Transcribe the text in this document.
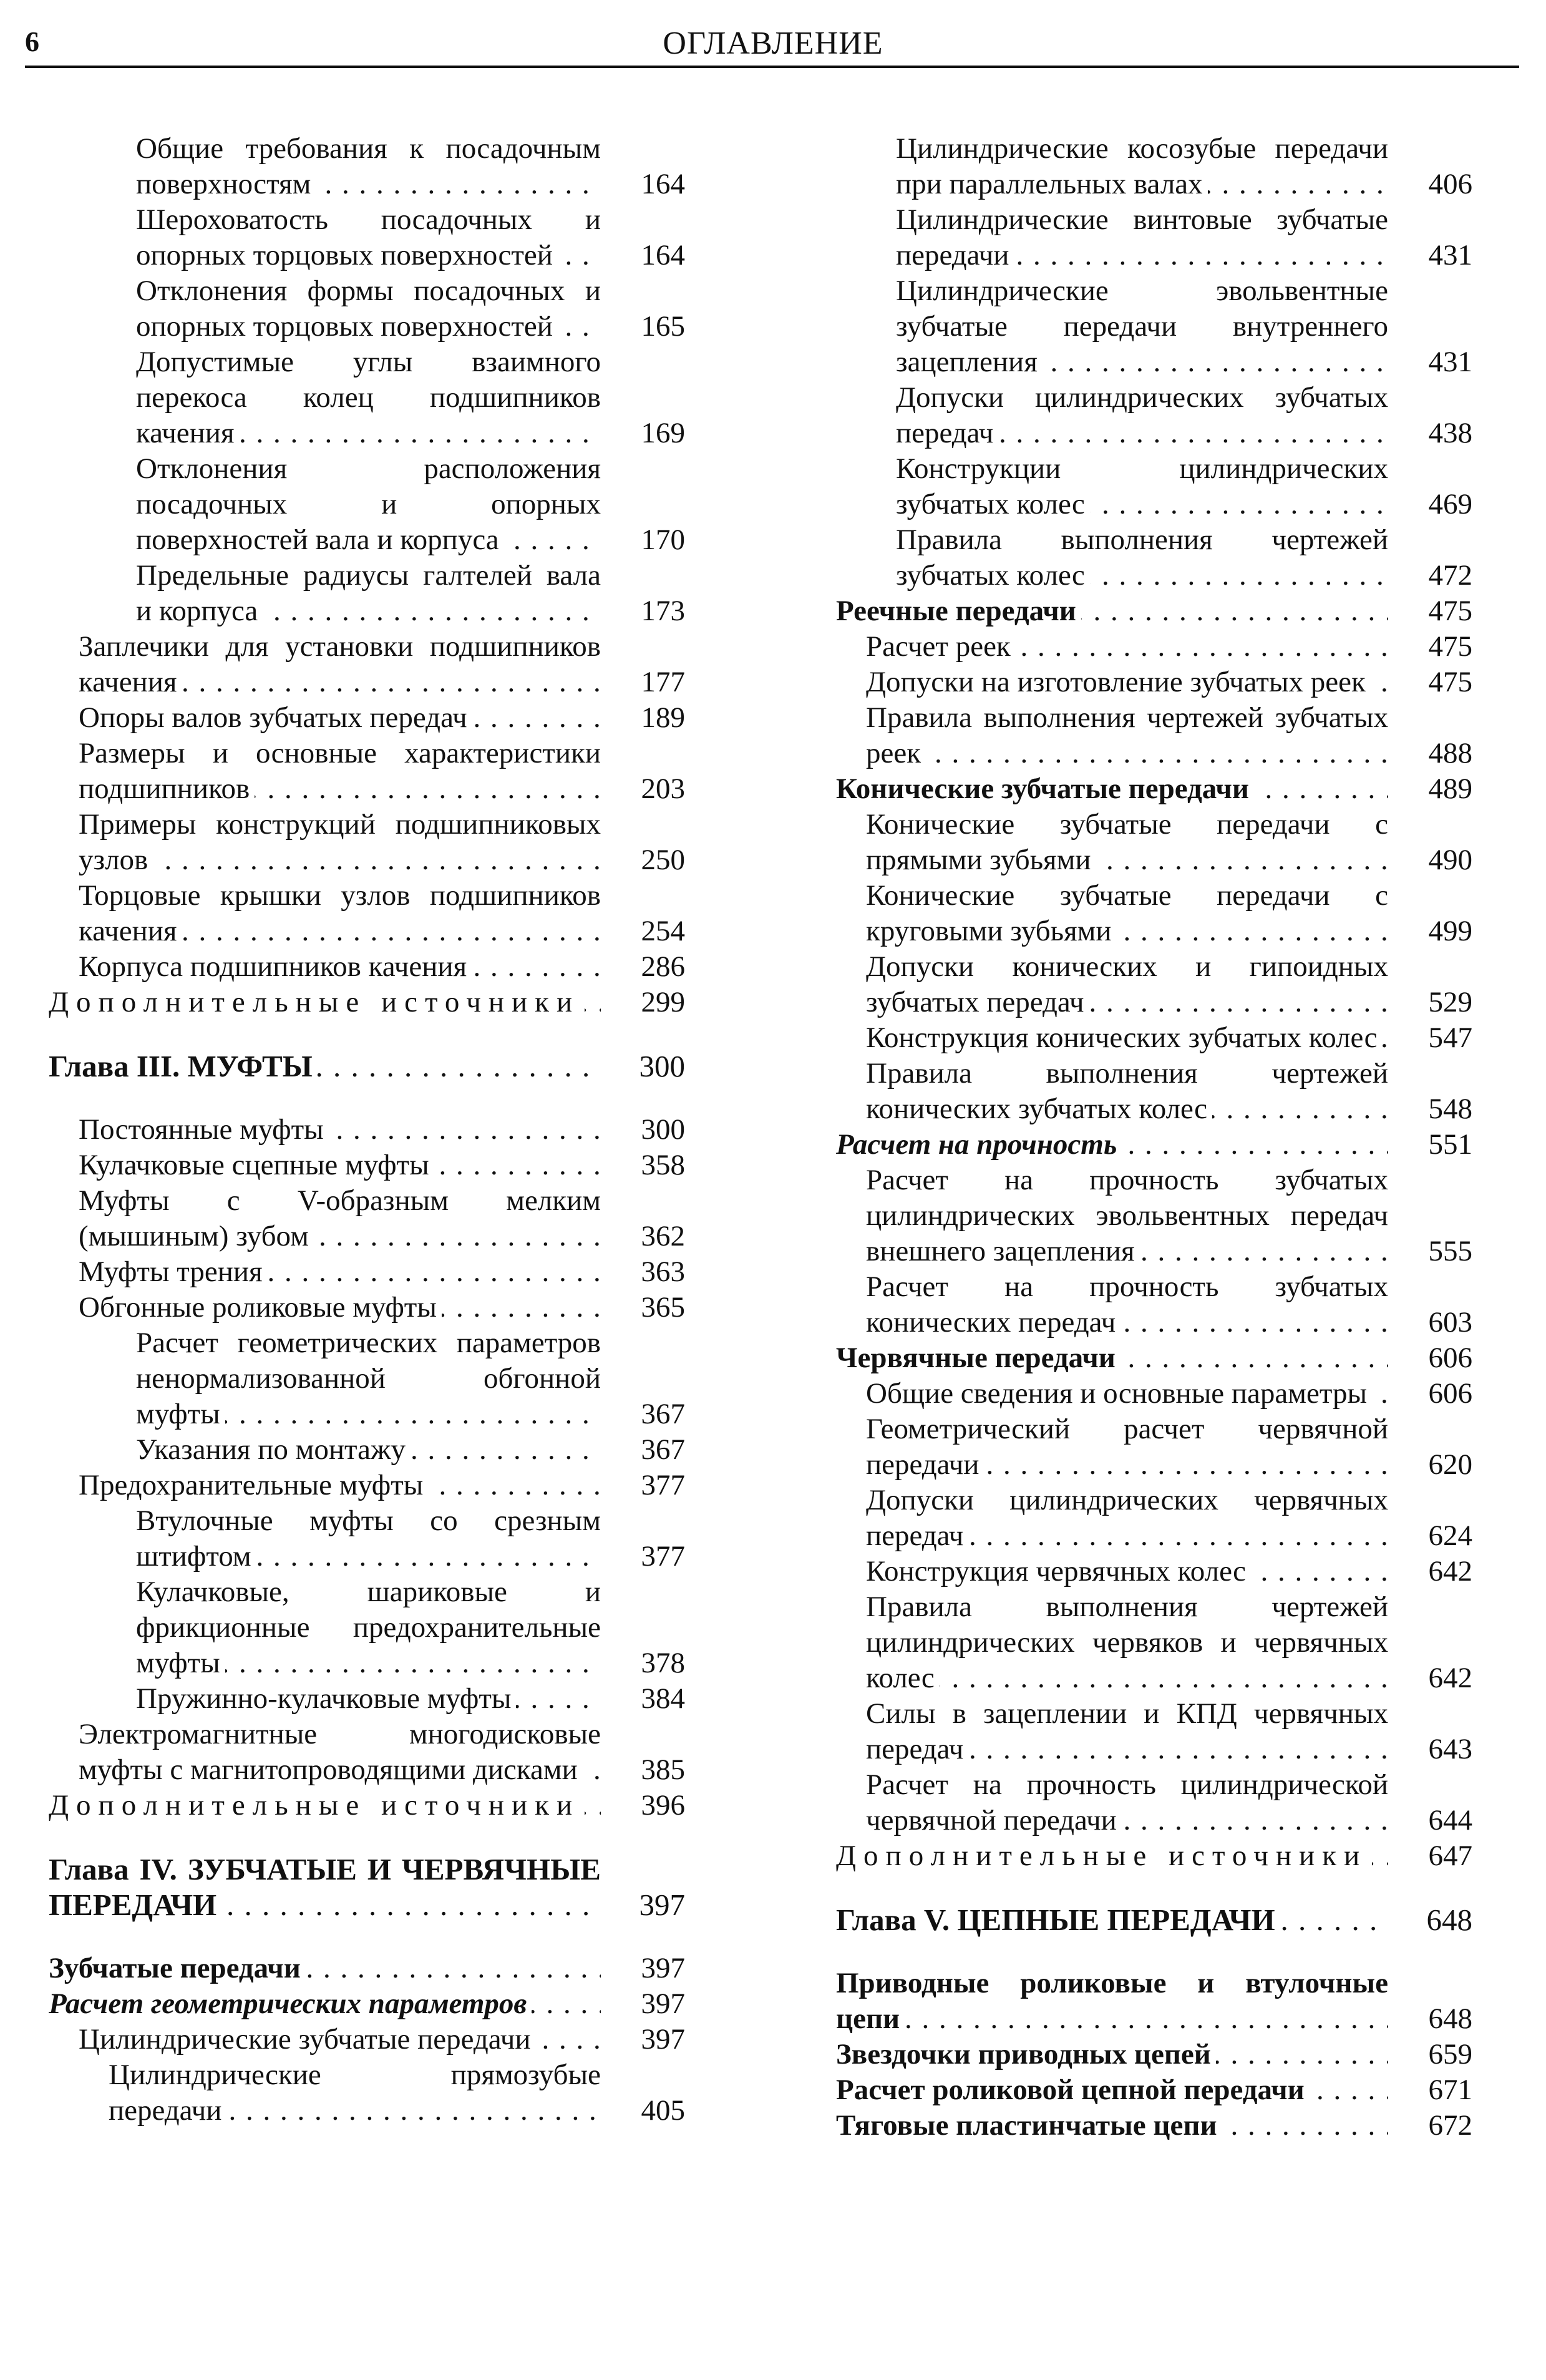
6	ОГЛАВЛЕНИЕ
Общие требования к посадочным поверхностям . . .	164
Шероховатость посадочных и опорных торцовых поверхностей . . .	164
Отклонения формы посадочных и опорных торцовых поверхностей . . .	165
Допустимые углы взаимного перекоса колец подшипников качения . . .	169
Отклонения расположения посадочных и опорных поверхностей вала и корпуса . . .	170
Предельные радиусы галтелей вала и корпуса . . .	173
Заплечики для установки подшипников качения . . .	177
Опоры валов зубчатых передач . . .	189
Размеры и основные характеристики подшипников . . .	203
Примеры конструкций подшипниковых узлов . . .	250
Торцовые крышки узлов подшипников качения . . .	254
Корпуса подшипников качения . . .	286
Дополнительные источники . . .	299
Глава III. МУФТЫ . . .	300
Постоянные муфты . . .	300
Кулачковые сцепные муфты . . .	358
Муфты с V-образным мелким (мышиным) зубом . . .	362
Муфты трения . . .	363
Обгонные роликовые муфты . . .	365
Расчет геометрических параметров ненормализованной обгонной муфты . . .	367
Указания по монтажу . . .	367
Предохранительные муфты . . .	377
Втулочные муфты со срезным штифтом . . .	377
Кулачковые, шариковые и фрикционные предохранительные муфты . . .	378
Пружинно-кулачковые муфты . . .	384
Электромагнитные многодисковые муфты с магнитопроводящими дисками . . .	385
Дополнительные источники . . .	396
Глава IV. ЗУБЧАТЫЕ И ЧЕРВЯЧНЫЕ ПЕРЕДАЧИ . . .	397
Зубчатые передачи . . .	397
Расчет геометрических параметров . . .	397
Цилиндрические зубчатые передачи . . .	397
Цилиндрические прямозубые передачи . . .	405
Цилиндрические косозубые передачи при параллельных валах . . .	406
Цилиндрические винтовые зубчатые передачи . . .	431
Цилиндрические эвольвентные зубчатые передачи внутреннего зацепления . . .	431
Допуски цилиндрических зубчатых передач . . .	438
Конструкции цилиндрических зубчатых колес . . .	469
Правила выполнения чертежей зубчатых колес . . .	472
Реечные передачи . . .	475
Расчет реек . . .	475
Допуски на изготовление зубчатых реек . . .	475
Правила выполнения чертежей зубчатых реек . . .	488
Конические зубчатые передачи . . .	489
Конические зубчатые передачи с прямыми зубьями . . .	490
Конические зубчатые передачи с круговыми зубьями . . .	499
Допуски конических и гипоидных зубчатых передач . . .	529
Конструкция конических зубчатых колес . . .	547
Правила выполнения чертежей конических зубчатых колес . . .	548
Расчет на прочность . . .	551
Расчет на прочность зубчатых цилиндрических эвольвентных передач внешнего зацепления . . .	555
Расчет на прочность зубчатых конических передач . . .	603
Червячные передачи . . .	606
Общие сведения и основные параметры . . .	606
Геометрический расчет червячной передачи . . .	620
Допуски цилиндрических червячных передач . . .	624
Конструкция червячных колес . . .	642
Правила выполнения чертежей цилиндрических червяков и червячных колес . . .	642
Силы в зацеплении и КПД червячных передач . . .	643
Расчет на прочность цилиндрической червячной передачи . . .	644
Дополнительные источники . . .	647
Глава V. ЦЕПНЫЕ ПЕРЕДАЧИ . . .	648
Приводные роликовые и втулочные цепи . . .	648
Звездочки приводных цепей . . .	659
Расчет роликовой цепной передачи . . .	671
Тяговые пластинчатые цепи . . .	672
